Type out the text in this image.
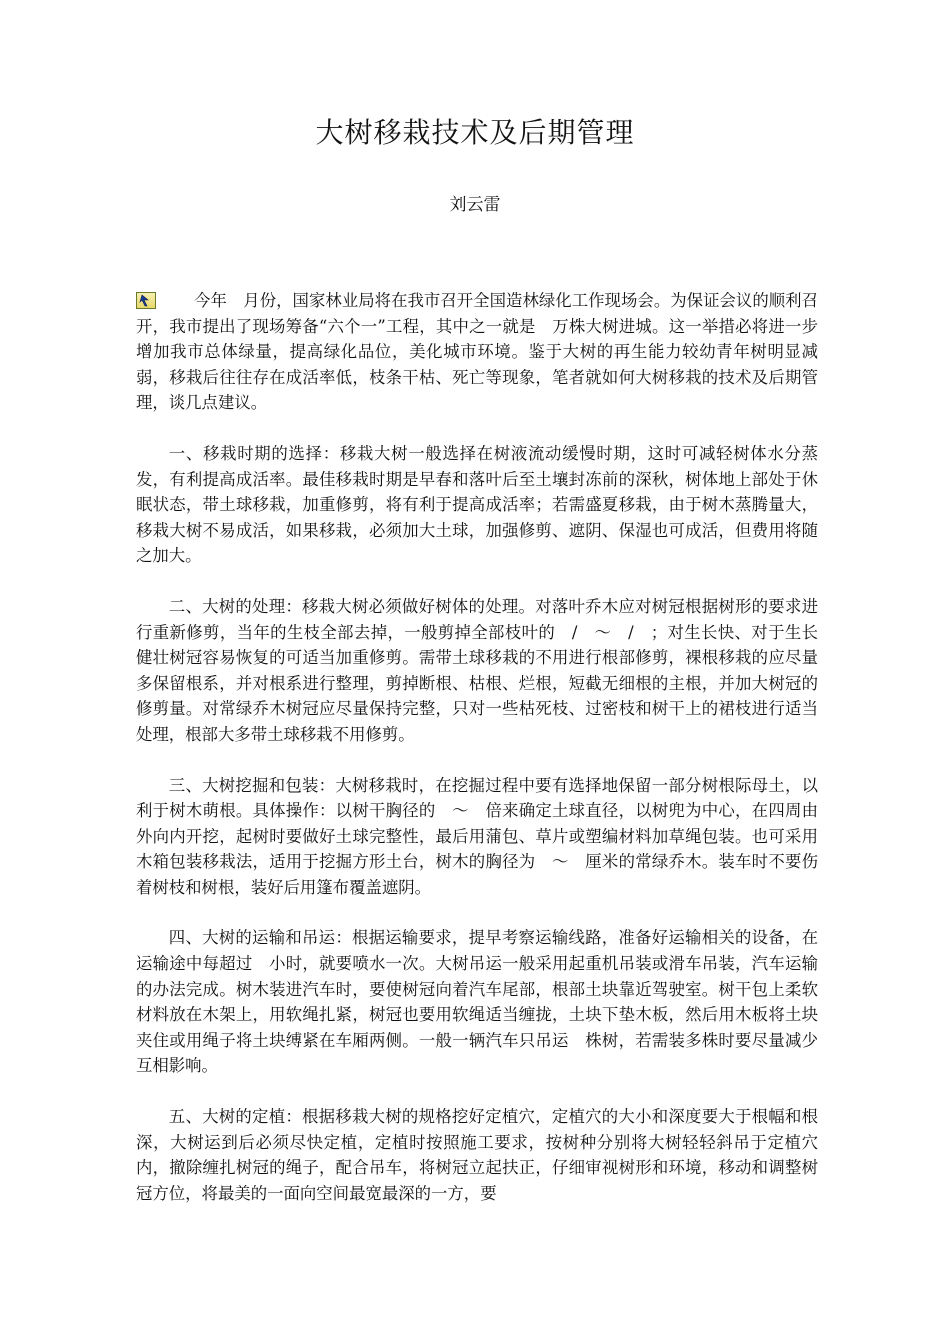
大树移栽技术及后期管理
刘云雷

今年　月份，国家林业局将在我市召开全国造林绿化工作现场会。为保证会议的顺利召开，我市提出了现场筹备“六个一”工程，其中之一就是　万株大树进城。这一举措必将进一步增加我市总体绿量，提高绿化品位，美化城市环境。鉴于大树的再生能力较幼青年树明显减弱，移栽后往往存在成活率低，枝条干枯、死亡等现象，笔者就如何大树移栽的技术及后期管理，谈几点建议。

一、移栽时期的选择：移栽大树一般选择在树液流动缓慢时期，这时可减轻树体水分蒸发，有利提高成活率。最佳移栽时期是早春和落叶后至土壤封冻前的深秋，树体地上部处于休眠状态，带土球移栽，加重修剪，将有利于提高成活率；若需盛夏移栽，由于树木蒸腾量大，移栽大树不易成活，如果移栽，必须加大土球，加强修剪、遮阴、保湿也可成活，但费用将随之加大。

二、大树的处理：移栽大树必须做好树体的处理。对落叶乔木应对树冠根据树形的要求进行重新修剪，当年的生枝全部去掉，一般剪掉全部枝叶的　/　～　/　；对生长快、对于生长健壮树冠容易恢复的可适当加重修剪。需带土球移栽的不用进行根部修剪，裸根移栽的应尽量多保留根系，并对根系进行整理，剪掉断根、枯根、烂根，短截无细根的主根，并加大树冠的修剪量。对常绿乔木树冠应尽量保持完整，只对一些枯死枝、过密枝和树干上的裙枝进行适当处理，根部大多带土球移栽不用修剪。

三、大树挖掘和包装：大树移栽时，在挖掘过程中要有选择地保留一部分树根际母土，以利于树木萌根。具体操作：以树干胸径的　～　倍来确定土球直径，以树兜为中心，在四周由外向内开挖，起树时要做好土球完整性，最后用蒲包、草片或塑编材料加草绳包装。也可采用木箱包装移栽法，适用于挖掘方形土台，树木的胸径为　～　厘米的常绿乔木。装车时不要伤着树枝和树根，装好后用篷布覆盖遮阴。

四、大树的运输和吊运：根据运输要求，提早考察运输线路，准备好运输相关的设备，在运输途中每超过　小时，就要喷水一次。大树吊运一般采用起重机吊装或滑车吊装，汽车运输的办法完成。树木装进汽车时，要使树冠向着汽车尾部，根部土块靠近驾驶室。树干包上柔软材料放在木架上，用软绳扎紧，树冠也要用软绳适当缠拢，土块下垫木板，然后用木板将土块夹住或用绳子将土块缚紧在车厢两侧。一般一辆汽车只吊运　株树，若需装多株时要尽量减少互相影响。

五、大树的定植：根据移栽大树的规格挖好定植穴，定植穴的大小和深度要大于根幅和根深，大树运到后必须尽快定植，定植时按照施工要求，按树种分别将大树轻轻斜吊于定植穴内，撤除缠扎树冠的绳子，配合吊车，将树冠立起扶正，仔细审视树形和环境，移动和调整树冠方位，将最美的一面向空间最宽最深的一方，要
